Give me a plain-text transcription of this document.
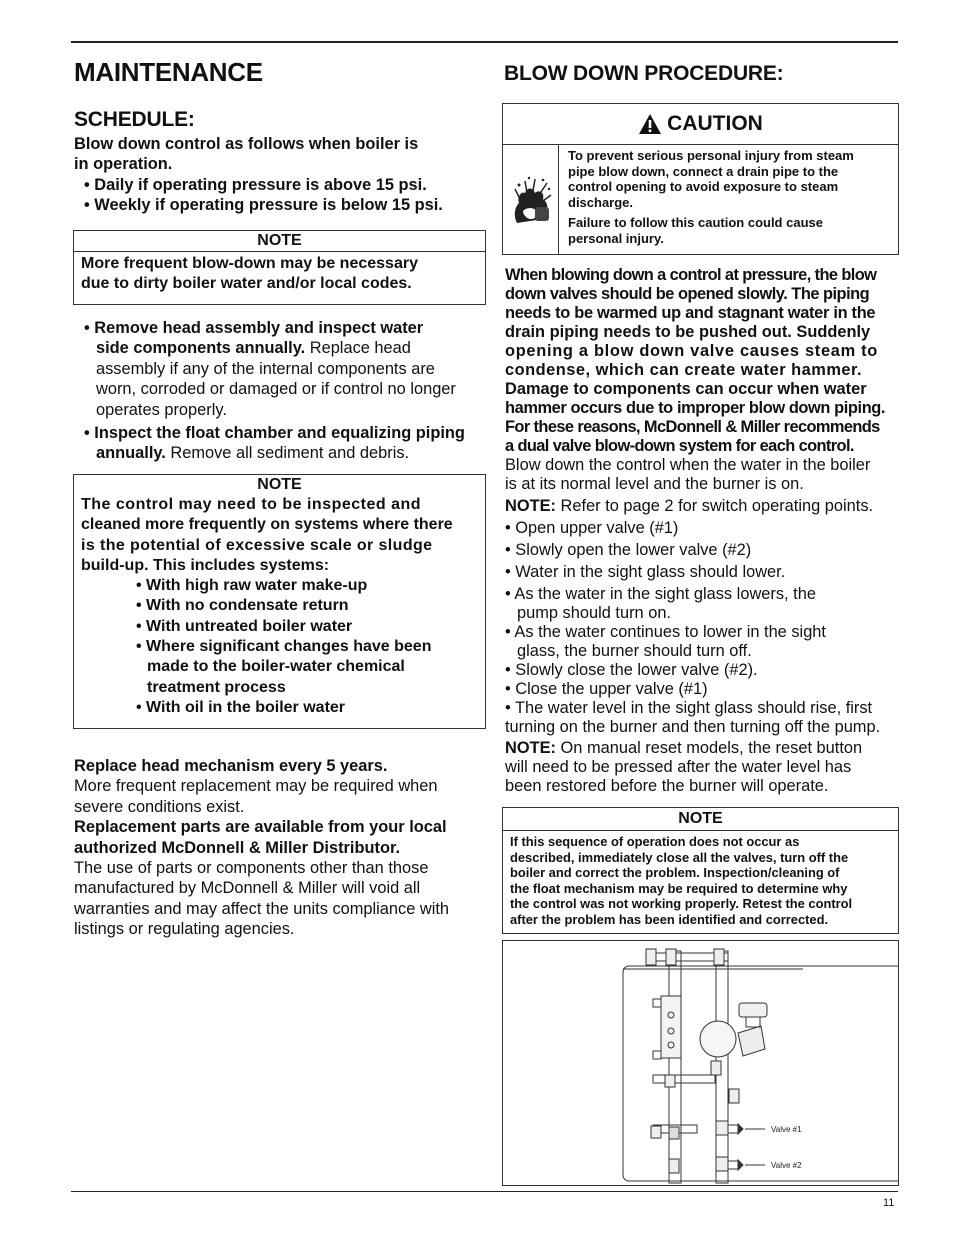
MAINTENANCE
SCHEDULE:

Blow down control as follows when boiler is

in operation.

• Daily if operating pressure is above 15 psi.

• Weekly if operating pressure is below 15 psi.

NOTE

More frequent blow-down may be necessary

due to dirty boiler water and/or local codes.

• Remove head assembly and inspect water

side components annually. Replace head

assembly if any of the internal components are

worn, corroded or damaged or if control no longer

operates properly.

• Inspect the float chamber and equalizing piping

annually. Remove all sediment and debris.

NOTE

The control may need to be inspected and

cleaned more frequently on systems where there

is the potential of excessive scale or sludge

build-up. This includes systems:

• With high raw water make-up

• With no condensate return

• With untreated boiler water

• Where significant changes have been

made to the boiler-water chemical

treatment process

• With oil in the boiler water

Replace head mechanism every 5 years.

More frequent replacement may be required when

severe conditions exist.

Replacement parts are available from your local

authorized McDonnell & Miller Distributor.

The use of parts or components other than those

manufactured by McDonnell & Miller will void all

warranties and may affect the units compliance with

listings or regulating agencies.

BLOW DOWN PROCEDURE:
CAUTION

To prevent serious personal injury from steam

pipe blow down, connect a drain pipe to the

control opening to avoid exposure to steam

discharge.

Failure to follow this caution could cause

personal injury.

When blowing down a control at pressure, the blow

down valves should be opened slowly. The piping

needs to be warmed up and stagnant water in the

drain piping needs to be pushed out. Suddenly

opening a blow down valve causes steam to

condense, which can create water hammer.

Damage to components can occur when water

hammer occurs due to improper blow down piping.

For these reasons, McDonnell & Miller recommends

a dual valve blow-down system for each control.

Blow down the control when the water in the boiler

is at its normal level and the burner is on.

NOTE: Refer to page 2 for switch operating points.

• Open upper valve (#1)

• Slowly open the lower valve (#2)

• Water in the sight glass should lower.

• As the water in the sight glass lowers, the

pump should turn on.

• As the water continues to lower in the sight

glass, the burner should turn off.

• Slowly close the lower valve (#2).

• Close the upper valve (#1)

• The water level in the sight glass should rise, first

turning on the burner and then turning off the pump.

NOTE: On manual reset models, the reset button

will need to be pressed after the water level has

been restored before the burner will operate.

NOTE

If this sequence of operation does not occur as

described, immediately close all the valves, turn off the

boiler and correct the problem. Inspection/cleaning of

the float mechanism may be required to determine why

the control was not working properly. Retest the control

after the problem has been identified and corrected.

Valve #1
Valve #2
11
